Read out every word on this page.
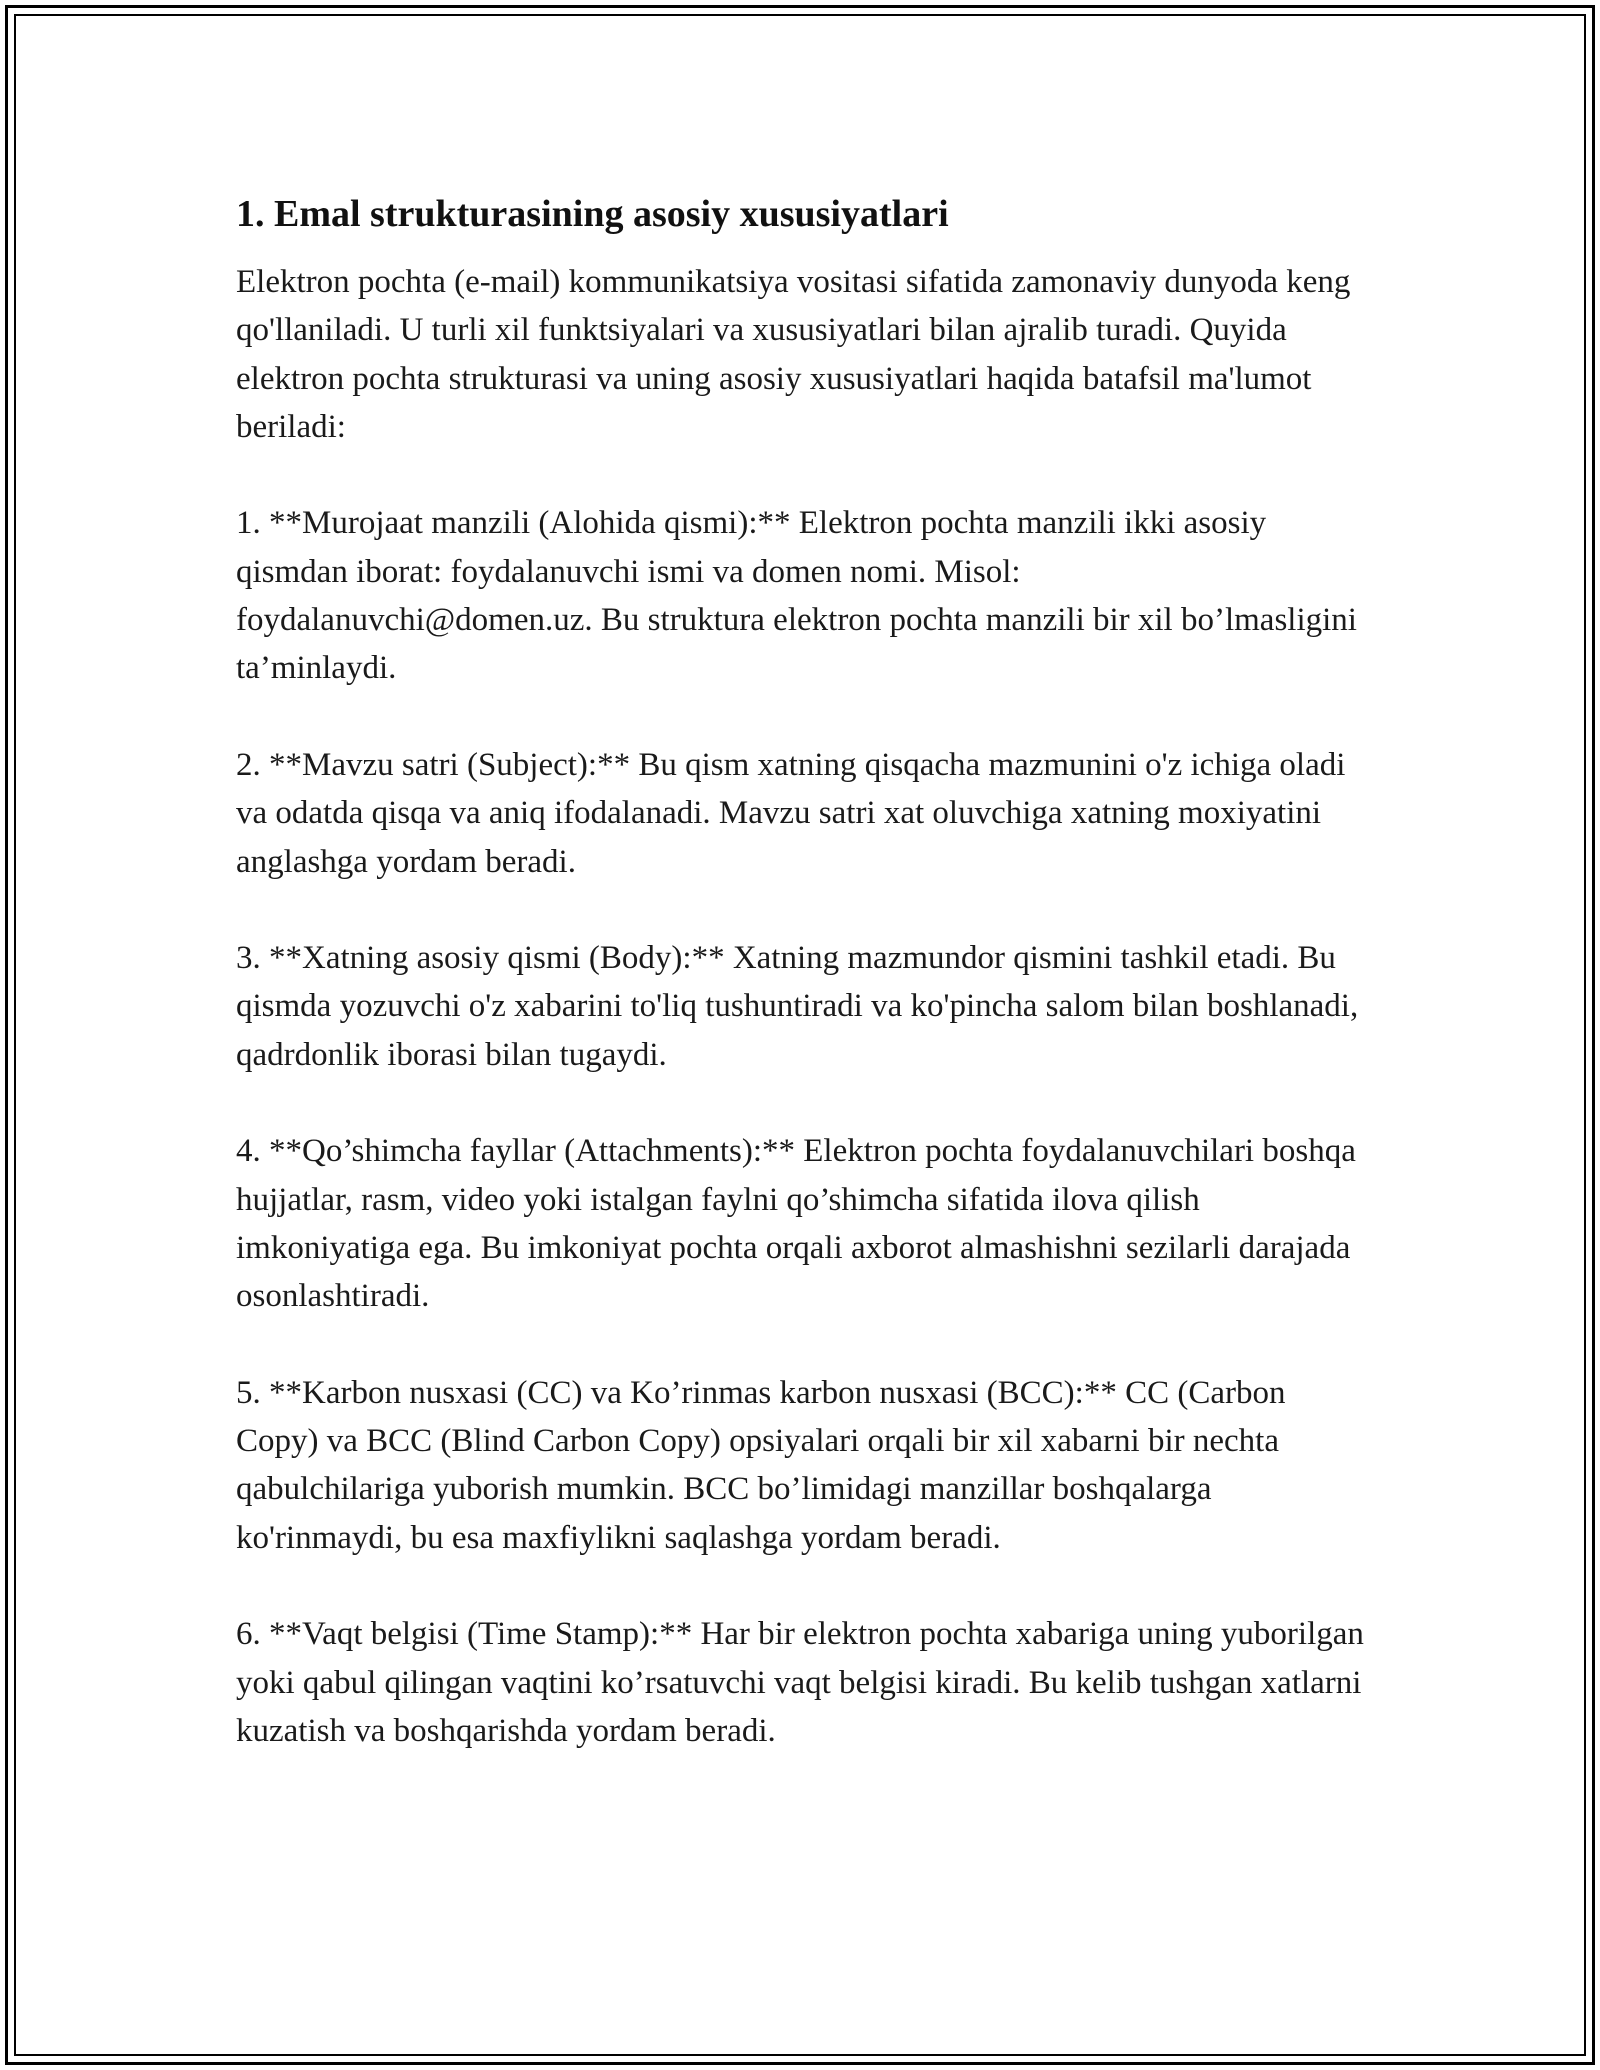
1. Emal strukturasining asosiy xususiyatlari

Elektron pochta (e-mail) kommunikatsiya vositasi sifatida zamonaviy dunyoda keng qo'llaniladi. U turli xil funktsiyalari va xususiyatlari bilan ajralib turadi. Quyida elektron pochta strukturasi va uning asosiy xususiyatlari haqida batafsil ma'lumot beriladi:

1. **Murojaat manzili (Alohida qismi):** Elektron pochta manzili ikki asosiy qismdan iborat: foydalanuvchi ismi va domen nomi. Misol: foydalanuvchi@domen.uz. Bu struktura elektron pochta manzili bir xil bo’lmasligini ta’minlaydi.

2. **Mavzu satri (Subject):** Bu qism xatning qisqacha mazmunini o'z ichiga oladi va odatda qisqa va aniq ifodalanadi. Mavzu satri xat oluvchiga xatning moxiyatini anglashga yordam beradi.

3. **Xatning asosiy qismi (Body):** Xatning mazmundor qismini tashkil etadi. Bu qismda yozuvchi o'z xabarini to'liq tushuntiradi va ko'pincha salom bilan boshlanadi, qadrdonlik iborasi bilan tugaydi.

4. **Qo’shimcha fayllar (Attachments):** Elektron pochta foydalanuvchilari boshqa hujjatlar, rasm, video yoki istalgan faylni qo’shimcha sifatida ilova qilish imkoniyatiga ega. Bu imkoniyat pochta orqali axborot almashishni sezilarli darajada osonlashtiradi.

5. **Karbon nusxasi (CC) va Ko’rinmas karbon nusxasi (BCC):** CC (Carbon Copy) va BCC (Blind Carbon Copy) opsiyalari orqali bir xil xabarni bir nechta qabulchilariga yuborish mumkin. BCC bo’limidagi manzillar boshqalarga ko'rinmaydi, bu esa maxfiylikni saqlashga yordam beradi.

6. **Vaqt belgisi (Time Stamp):** Har bir elektron pochta xabariga uning yuborilgan yoki qabul qilingan vaqtini ko’rsatuvchi vaqt belgisi kiradi. Bu kelib tushgan xatlarni kuzatish va boshqarishda yordam beradi.
